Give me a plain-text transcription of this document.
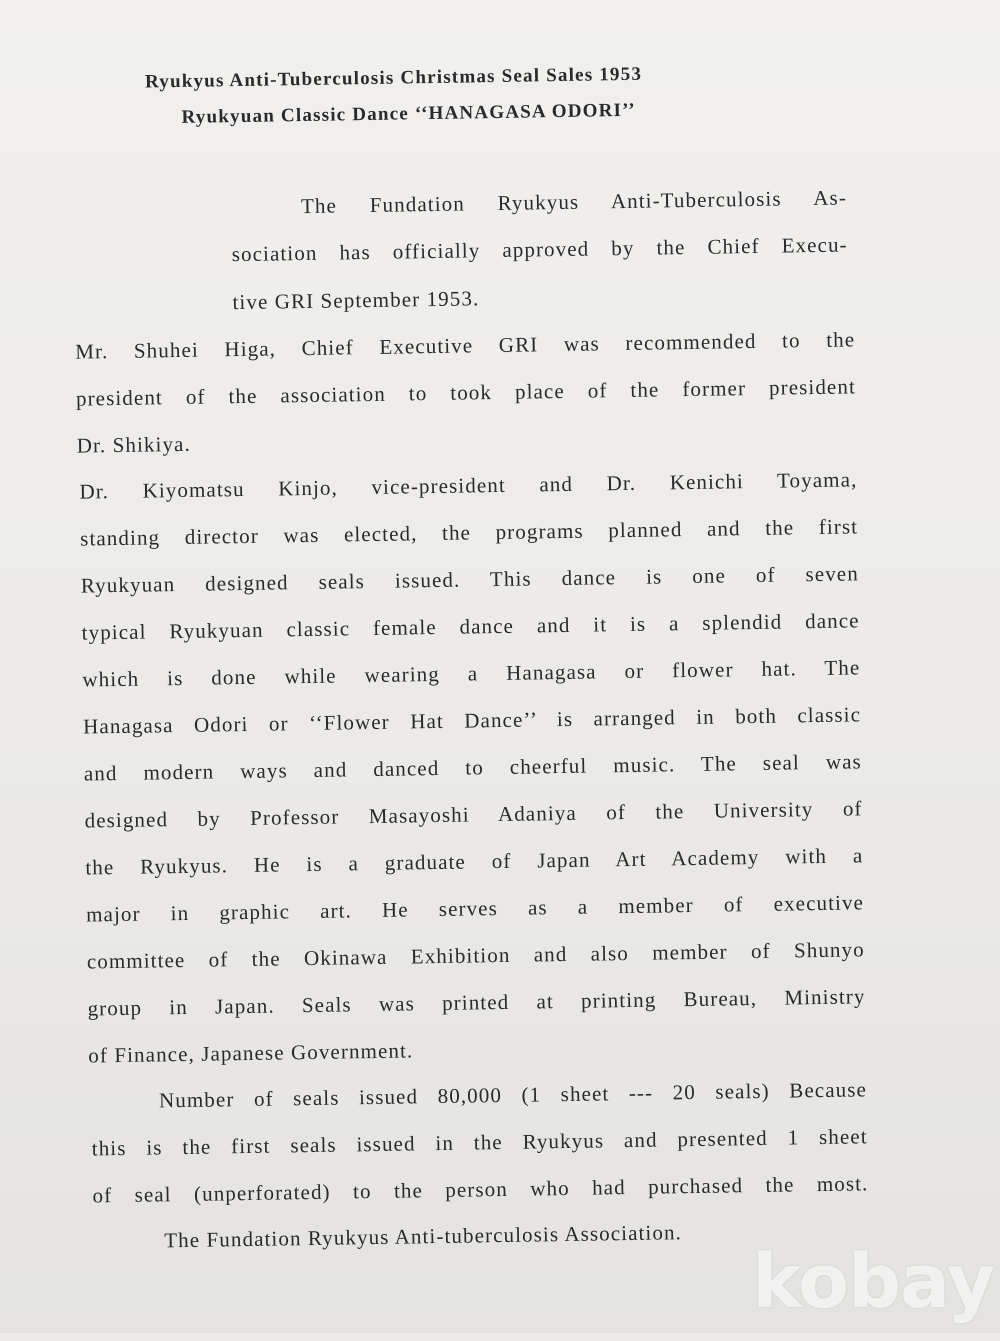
Ryukyus Anti-Tuberculosis Christmas Seal Sales 1953
Ryukyuan Classic Dance ‘‘HANAGASA ODORI’’
The Fundation Ryukyus Anti-Tuberculosis As-
sociation has officially approved by the Chief Execu-
tive GRI September 1953.
Mr. Shuhei Higa, Chief Executive GRI was recommended to the
president of the association to took place of the former president
Dr. Shikiya.
Dr. Kiyomatsu Kinjo, vice-president and Dr. Kenichi Toyama,
standing director was elected, the programs planned and the first
Ryukyuan designed seals issued. This dance is one of seven
typical Ryukyuan classic female dance and it is a splendid dance
which is done while wearing a Hanagasa or flower hat. The
Hanagasa Odori or ‘‘Flower Hat Dance’’ is arranged in both classic
and modern ways and danced to cheerful music. The seal was
designed by Professor Masayoshi Adaniya of the University of
the Ryukyus. He is a graduate of Japan Art Academy with a
major in graphic art. He serves as a member of executive
committee of the Okinawa Exhibition and also member of Shunyo
group in Japan. Seals was printed at printing Bureau, Ministry
of Finance, Japanese Government.
Number of seals issued 80,000 (1 sheet --- 20 seals) Because
this is the first seals issued in the Ryukyus and presented 1 sheet
of seal (unperforated) to the person who had purchased the most.
The Fundation Ryukyus Anti-tuberculosis Association.
kobay
